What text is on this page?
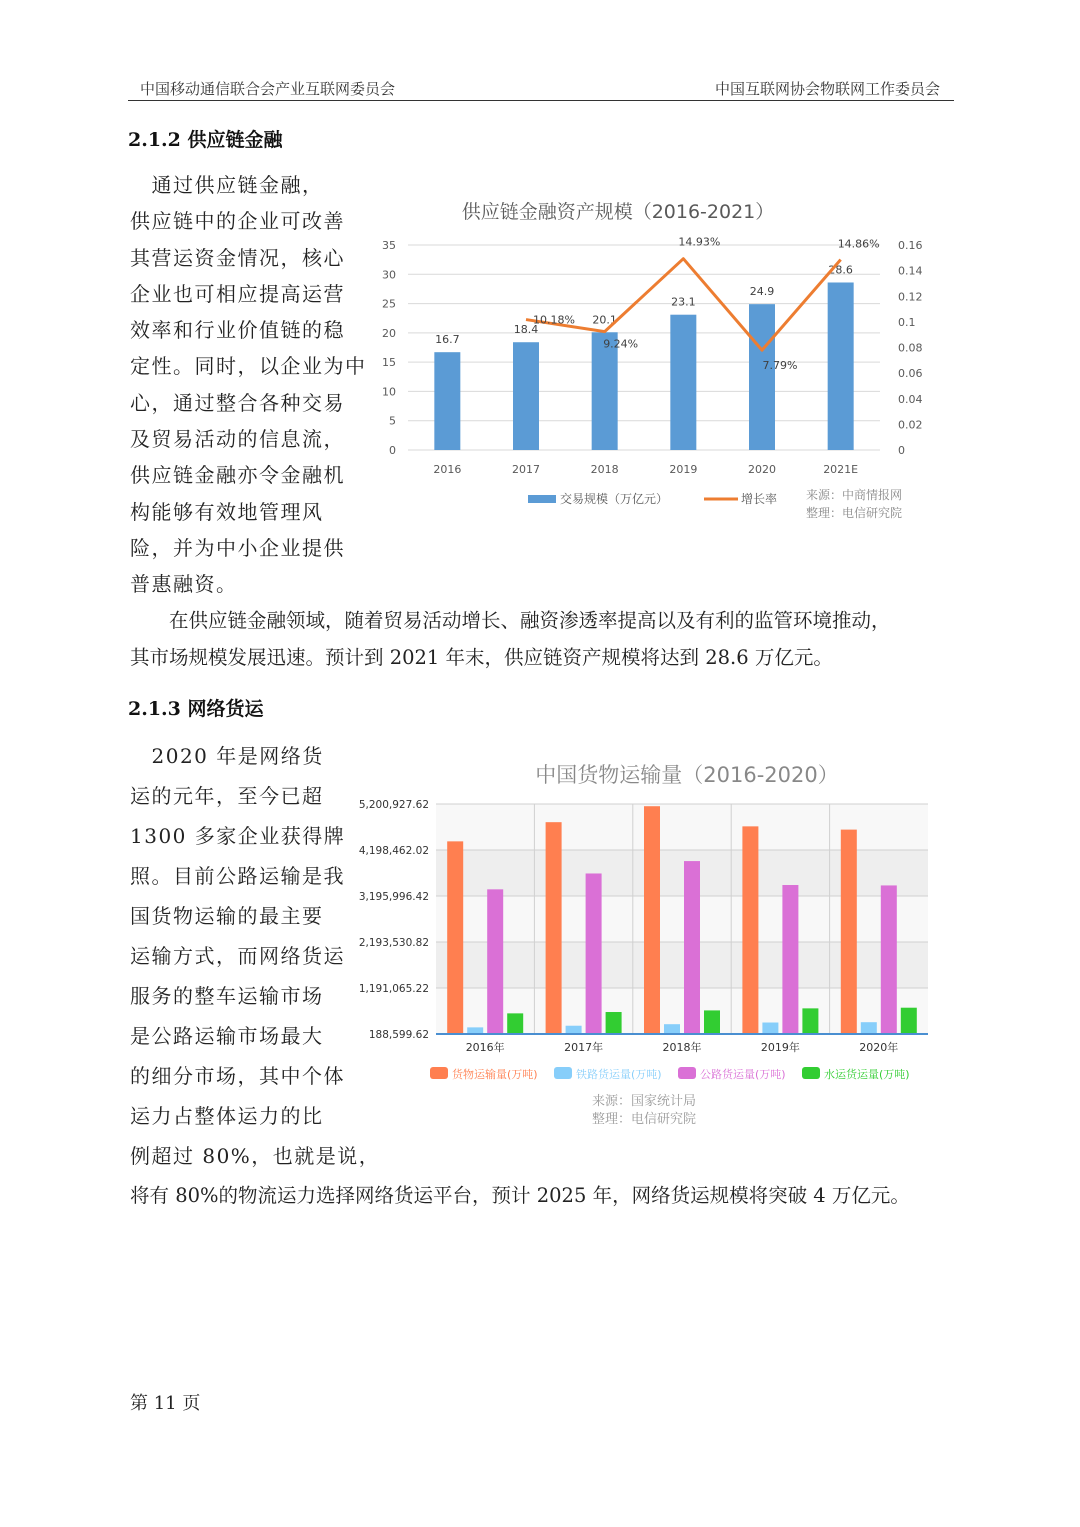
中国移动通信联合会产业互联网委员会	中国互联网协会物联网工作委员会
2.1.2 供应链金融
　通过供应链金融，
供应链中的企业可改善
其营运资金情况，核心
企业也可相应提高运营
效率和行业价值链的稳
定性。同时，以企业为中
心，通过整合各种交易
及贸易活动的信息流，
供应链金融亦令金融机
构能够有效地管理风
险，并为中小企业提供
普惠融资。
供应链金融资产规模（2016-2021）
0
5
10
15
20
25
30
35
0
0.02
0.04
0.06
0.08
0.1
0.12
0.14
0.16
16.7
2016
18.4
2017
20.1
2018
23.1
2019
24.9
2020
28.6
2021E
10.18%
9.24%
14.93%
7.79%
14.86%
交易规模（万亿元）	增长率 来源：中商情报网
整理：电信研究院
　　在供应链金融领域，随着贸易活动增长、融资渗透率提高以及有利的监管环境推动，
其市场规模发展迅速。预计到 2021 年末，供应链资产规模将达到 28.6 万亿元。
2.1.3 网络货运
　2020 年是网络货
运的元年，至今已超
1300 多家企业获得牌
照。目前公路运输是我
国货物运输的最主要
运输方式，而网络货运
服务的整车运输市场
是公路运输市场最大
的细分市场，其中个体
运力占整体运力的比
例超过 80%，也就是说，
中国货物运输量（2016-2020）
188,599.62
1,191,065.22
2,193,530.82
3,195,996.42
4,198,462.02
5,200,927.62
2016年	2017年	2018年	2019年	2020年
货物运输量(万吨)	铁路货运量(万吨)	公路货运量(万吨)	水运货运量(万吨)
来源：国家统计局
整理：电信研究院
将有 80%的物流运力选择网络货运平台，预计 2025 年，网络货运规模将突破 4 万亿元。
第 11 页
